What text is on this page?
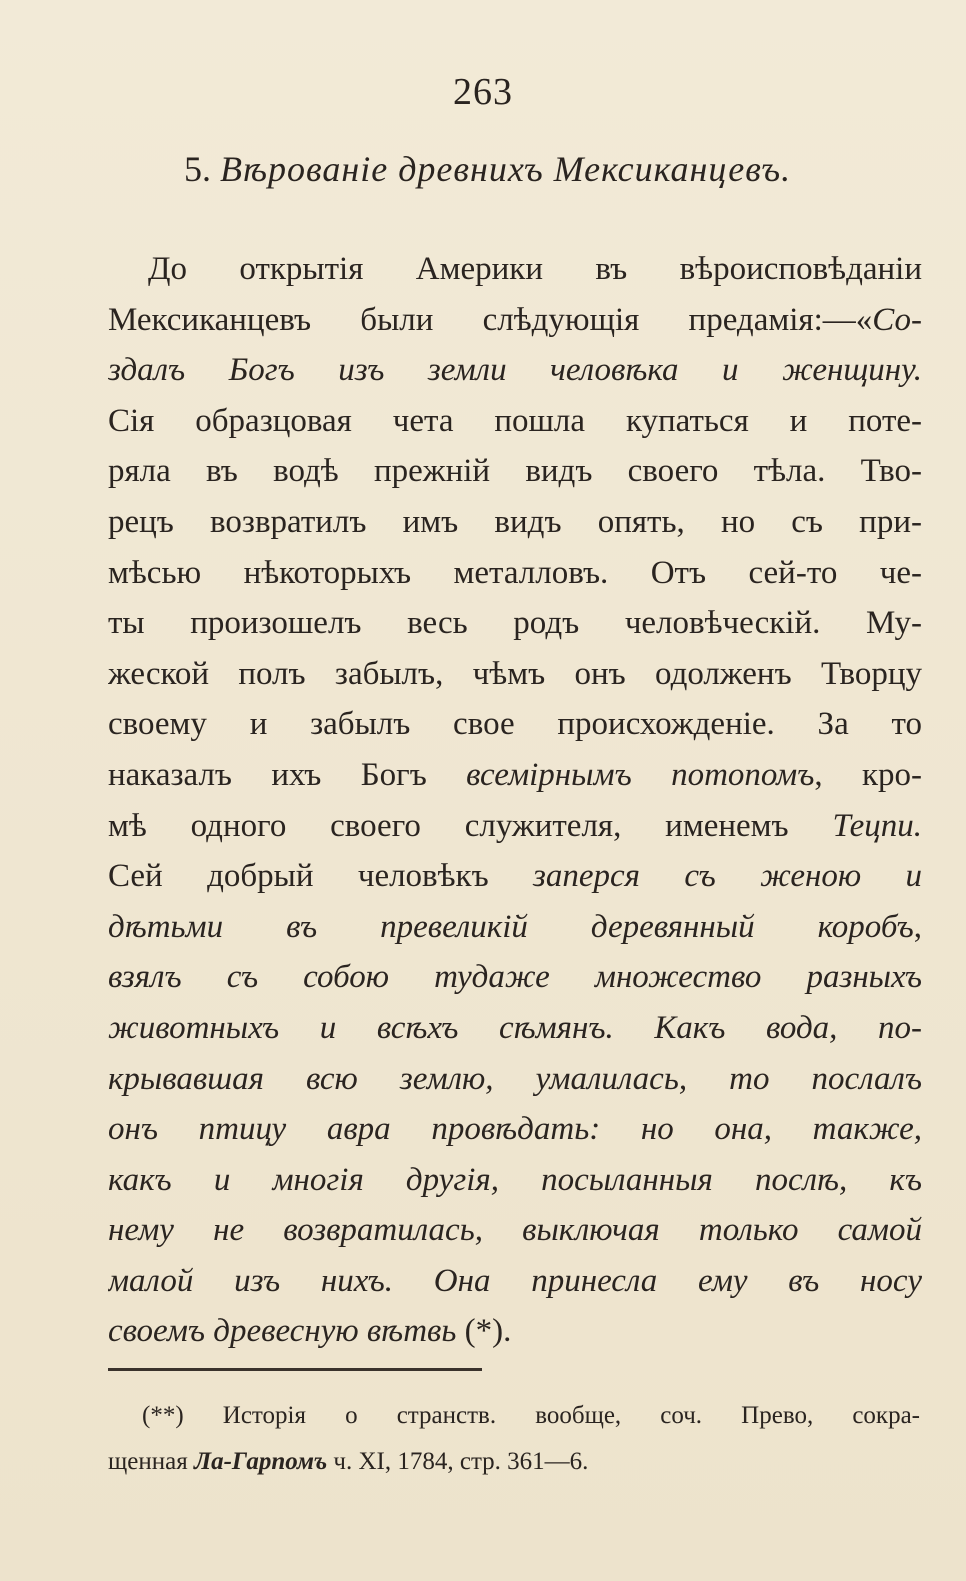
263
5. Вѣрованіе древнихъ Мексиканцевъ.
До открытія Америки въ вѣроисповѣданіи
Мексиканцевъ были слѣдующія предамія:—«Со-
здалъ Богъ изъ земли человѣка и женщину.
Сія образцовая чета пошла купаться и поте-
ряла въ водѣ прежній видъ своего тѣла. Тво-
рецъ возвратилъ имъ видъ опять, но съ при-
мѣсью нѣкоторыхъ металловъ. Отъ сей-то че-
ты произошелъ весь родъ человѣческій. Му-
жеской полъ забылъ, чѣмъ онъ одолженъ Творцу
своему и забылъ свое происхожденіе. За то
наказалъ ихъ Богъ всемірнымъ потопомъ, кро-
мѣ одного своего служителя, именемъ Тецпи.
Сей добрый человѣкъ заперся съ женою и
дѣтьми въ превеликій деревянный коробъ,
взялъ съ собою тудаже множество разныхъ
животныхъ и всѣхъ сѣмянъ. Какъ вода, по-
крывавшая всю землю, умалилась, то послалъ
онъ птицу авра провѣдать: но она, также,
какъ и многія другія, посыланныя послѣ, къ
нему не возвратилась, выключая только самой
малой изъ нихъ. Она принесла ему въ носу
своемъ древесную вѣтвь (*).
(**) Исторія о странств. вообще, соч. Прево, сокра-
щенная Ла-Гарпомъ ч. XI, 1784, стр. 361—6.
